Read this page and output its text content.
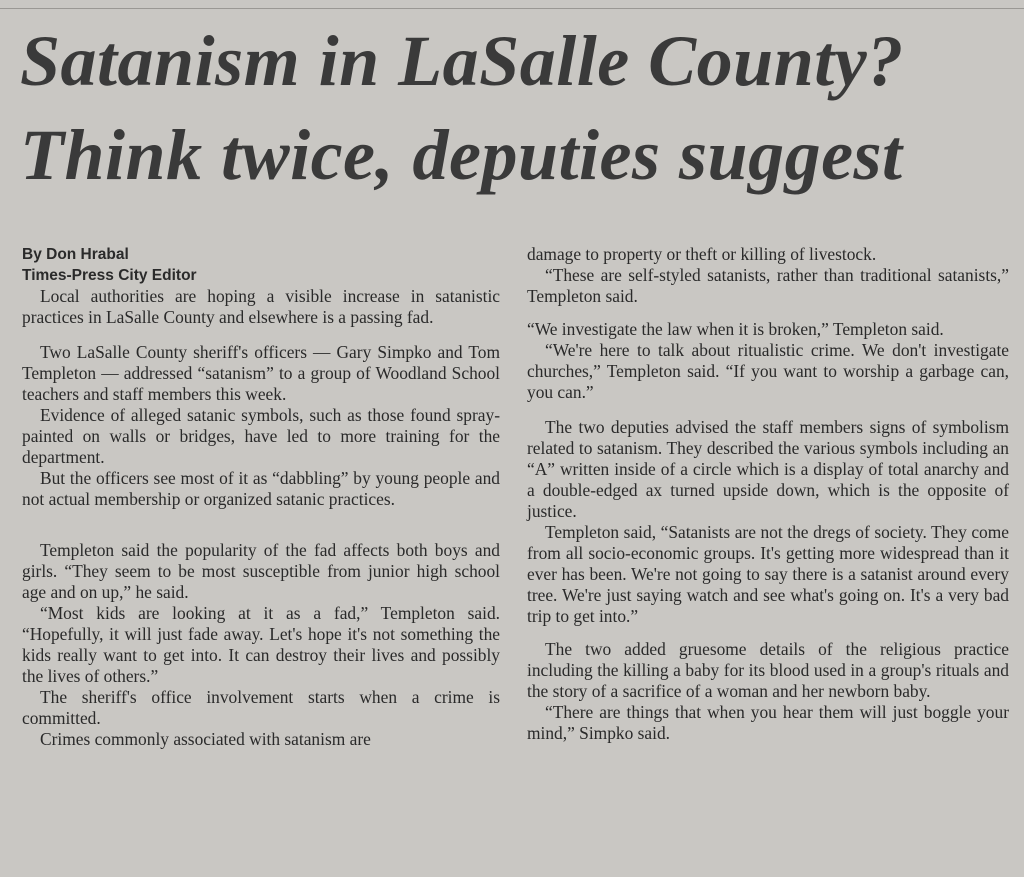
Satanism in LaSalle County?
Think twice, deputies suggest
By Don Hrabal
Times-Press City Editor

Local authorities are hoping a visible increase in satanistic practices in LaSalle County and elsewhere is a passing fad.

Two LaSalle County sheriff's officers — Gary Simpko and Tom Templeton — addressed “satanism” to a group of Woodland School teachers and staff members this week.

Evidence of alleged satanic symbols, such as those found spray-painted on walls or bridges, have led to more training for the department.

But the officers see most of it as “dabbling” by young people and not actual membership or organized satanic practices.

Templeton said the popularity of the fad affects both boys and girls. “They seem to be most susceptible from junior high school age and on up,” he said.

“Most kids are looking at it as a fad,” Templeton said. “Hopefully, it will just fade away. Let's hope it's not something the kids really want to get into. It can destroy their lives and possibly the lives of others.”

The sheriff's office involvement starts when a crime is committed.

Crimes commonly associated with satanism are

damage to property or theft or killing of livestock.

“These are self-styled satanists, rather than traditional satanists,” Templeton said.

“We investigate the law when it is broken,” Templeton said.

“We're here to talk about ritualistic crime. We don't investigate churches,” Templeton said. “If you want to worship a garbage can, you can.”

The two deputies advised the staff members signs of symbolism related to satanism. They described the various symbols including an “A” written inside of a circle which is a display of total anarchy and a double-edged ax turned upside down, which is the opposite of justice.

Templeton said, “Satanists are not the dregs of society. They come from all socio-economic groups. It's getting more widespread than it ever has been. We're not going to say there is a satanist around every tree. We're just saying watch and see what's going on. It's a very bad trip to get into.”

The two added gruesome details of the religious practice including the killing a baby for its blood used in a group's rituals and the story of a sacrifice of a woman and her newborn baby.

“There are things that when you hear them will just boggle your mind,” Simpko said.
